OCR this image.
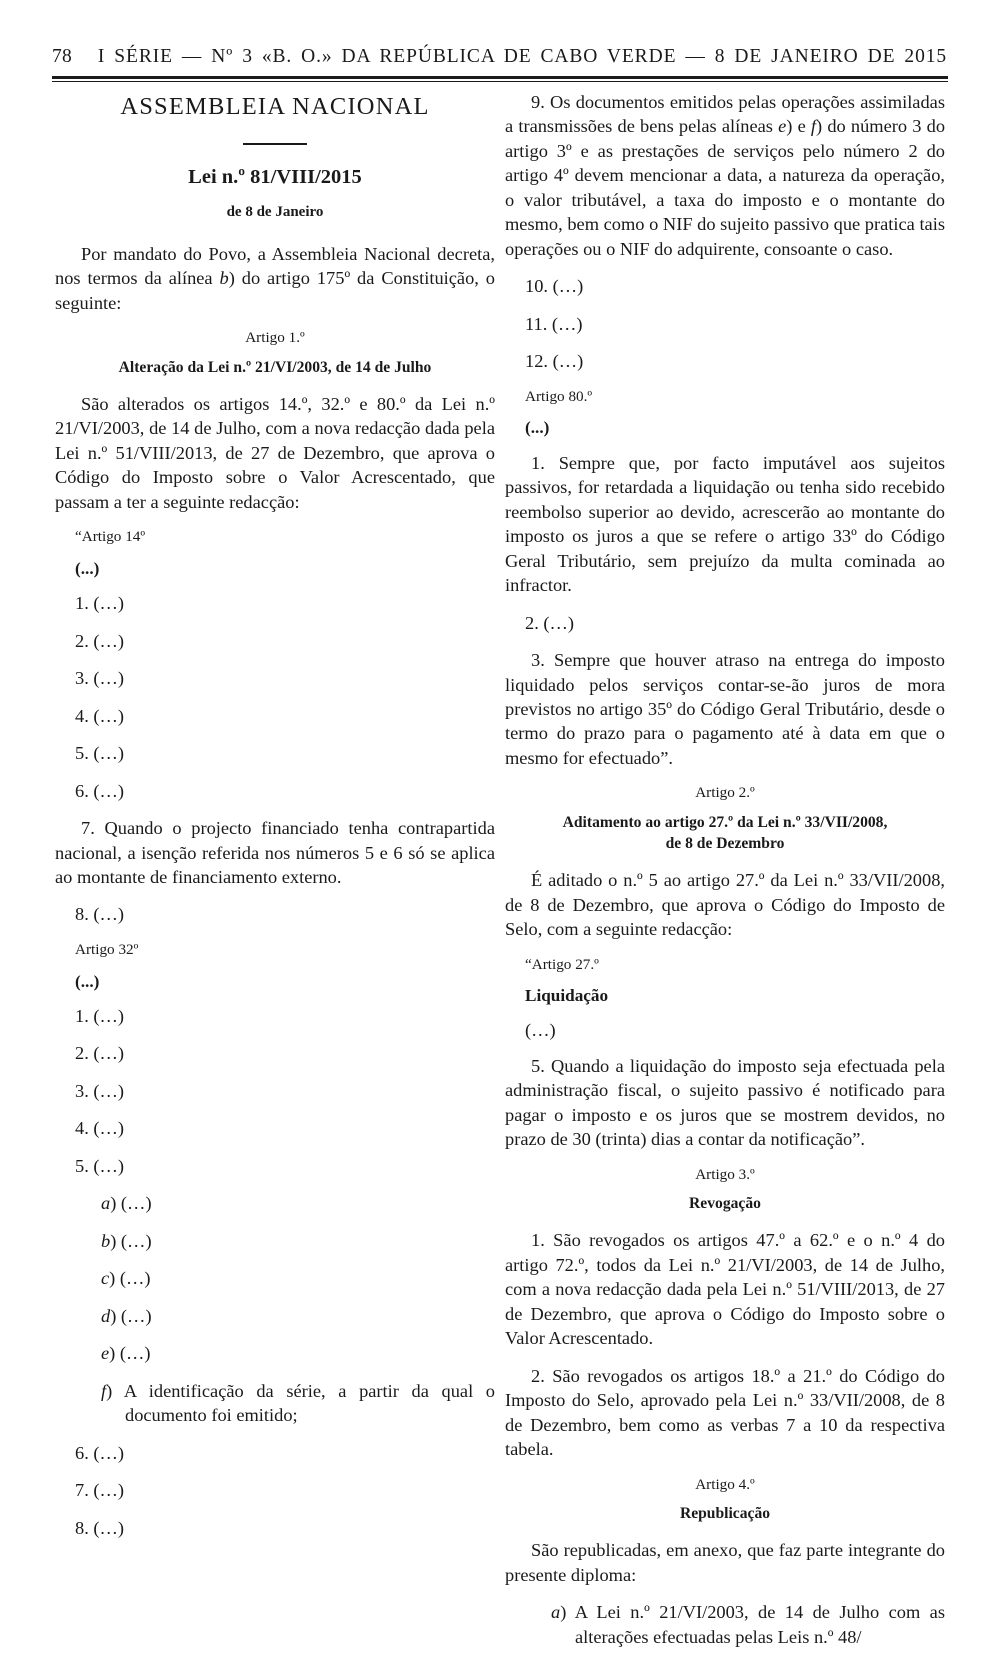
78 I SÉRIE — Nº 3 «B. O.» DA REPÚBLICA DE CABO VERDE — 8 DE JANEIRO DE 2015
ASSEMBLEIA NACIONAL
Lei n.º 81/VIII/2015
de 8 de Janeiro

Por mandato do Povo, a Assembleia Nacional decreta, nos termos da alínea b) do artigo 175º da Constituição, o seguinte:

Artigo 1.º
Alteração da Lei n.º 21/VI/2003, de 14 de Julho

São alterados os artigos 14.º, 32.º e 80.º da Lei n.º 21/VI/2003, de 14 de Julho, com a nova redacção dada pela Lei n.º 51/VIII/2013, de 27 de Dezembro, que aprova o Código do Imposto sobre o Valor Acrescentado, que passam a ter a seguinte redacção:

“Artigo 14º
(...)
1. (…)
2. (…)
3. (…)
4. (…)
5. (…)
6. (…)

7. Quando o projecto financiado tenha contrapartida nacional, a isenção referida nos números 5 e 6 só se aplica ao montante de financiamento externo.

8. (…)
Artigo 32º
(...)
1. (…)
2. (…)
3. (…)
4. (…)
5. (…)
a) (…)
b) (…)
c) (…)
d) (…)
e) (…)
f) A identificação da série, a partir da qual o documento foi emitido;
6. (…)
7. (…)
8. (…)

9. Os documentos emitidos pelas operações assimiladas a transmissões de bens pelas alíneas e) e f) do número 3 do artigo 3º e as prestações de serviços pelo número 2 do artigo 4º devem mencionar a data, a natureza da operação, o valor tributável, a taxa do imposto e o montante do mesmo, bem como o NIF do sujeito passivo que pratica tais operações ou o NIF do adquirente, consoante o caso.

10. (…)
11. (…)
12. (…)
Artigo 80.º
(...)

1. Sempre que, por facto imputável aos sujeitos passivos, for retardada a liquidação ou tenha sido recebido reembolso superior ao devido, acrescerão ao montante do imposto os juros a que se refere o artigo 33º do Código Geral Tributário, sem prejuízo da multa cominada ao infractor.

2. (…)

3. Sempre que houver atraso na entrega do imposto liquidado pelos serviços contar-se-ão juros de mora previstos no artigo 35º do Código Geral Tributário, desde o termo do prazo para o pagamento até à data em que o mesmo for efectuado”.

Artigo 2.º
Aditamento ao artigo 27.º da Lei n.º 33/VII/2008,
de 8 de Dezembro

É aditado o n.º 5 ao artigo 27.º da Lei n.º 33/VII/2008, de 8 de Dezembro, que aprova o Código do Imposto de Selo, com a seguinte redacção:

“Artigo 27.º
Liquidação
(…)

5. Quando a liquidação do imposto seja efectuada pela administração fiscal, o sujeito passivo é notificado para pagar o imposto e os juros que se mostrem devidos, no prazo de 30 (trinta) dias a contar da notificação”.

Artigo 3.º
Revogação

1. São revogados os artigos 47.º a 62.º e o n.º 4 do artigo 72.º, todos da Lei n.º 21/VI/2003, de 14 de Julho, com a nova redacção dada pela Lei n.º 51/VIII/2013, de 27 de Dezembro, que aprova o Código do Imposto sobre o Valor Acrescentado.

2. São revogados os artigos 18.º a 21.º do Código do Imposto do Selo, aprovado pela Lei n.º 33/VII/2008, de 8 de Dezembro, bem como as verbas 7 a 10 da respectiva tabela.

Artigo 4.º
Republicação

São republicadas, em anexo, que faz parte integrante do presente diploma:

a) A Lei n.º 21/VI/2003, de 14 de Julho com as alterações efectuadas pelas Leis n.º 48/
